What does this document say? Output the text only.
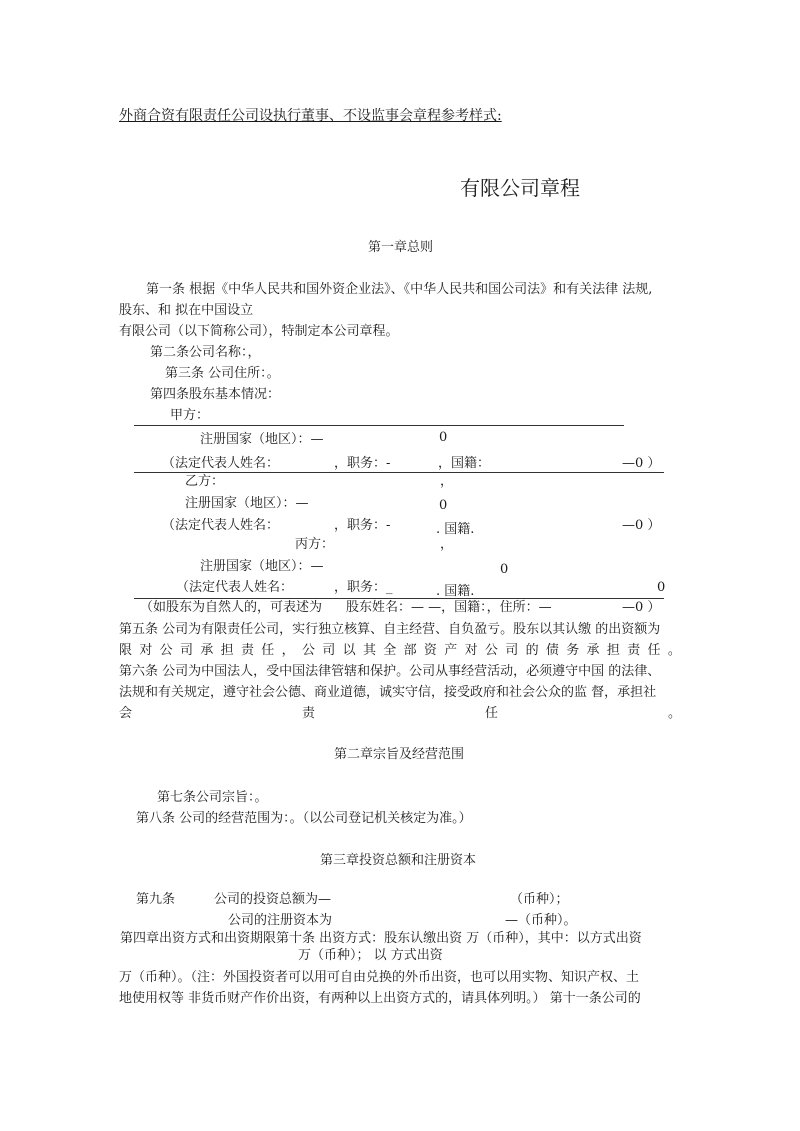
外商合资有限责任公司设执行董事、不设监事会章程参考样式:
有限公司章程
第一章总则
第一条 根据《中华人民共和国外资企业法》、《中华人民共和国公司法》和有关法律 法规,
股东、和 拟在中国设立
有限公司（以下简称公司），特制定本公司章程。
第二条公司名称：，
第三条 公司住所：。
第四条股东基本情况：
甲方：
注册国家（地区）：—	0
（法定代表人姓名：	，职务：-	，国籍：	—0 ）
乙方：	，
注册国家（地区）：—	0
（法定代表人姓名：	，职务：-	. 国籍.	—0 ）
丙方：	，
注册国家（地区）：—	0
（法定代表人姓名：	，职务：_	. 国籍.	0
（如股东为自然人的，可表述为 股东姓名：— —，国籍：，住所：—	—0 ）
第五条 公司为有限责任公司，实行独立核算、自主经营、自负盈亏。股东以其认缴 的出资额为
限 对 公 司 承 担 责 任 ， 公 司 以 其 全 部 资 产 对 公 司 的 债 务 承 担 责 任 。
第六条 公司为中国法人，受中国法律管辖和保护。公司从事经营活动，必须遵守中国 的法律、
法规和有关规定，遵守社会公德、商业道德，诚实守信，接受政府和社会公众的监 督，承担社
会	责	任	。
第二章宗旨及经营范围
第七条公司宗旨：。
第八条 公司的经营范围为：。（以公司登记机关核定为准。）
第三章投资总额和注册资本
第九条	公司的投资总额为—	（币种）；
公司的注册资本为	—（币种）。
第四章出资方式和出资期限第十条 出资方式：股东认缴出资 万（币种），其中：以方式出资
万（币种）； 以 方式出资
万（币种）。（注：外国投资者可以用可自由兑换的外币出资，也可以用实物、知识产权、土
地使用权等 非货币财产作价出资，有两种以上出资方式的，请具体列明。） 第十一条公司的
